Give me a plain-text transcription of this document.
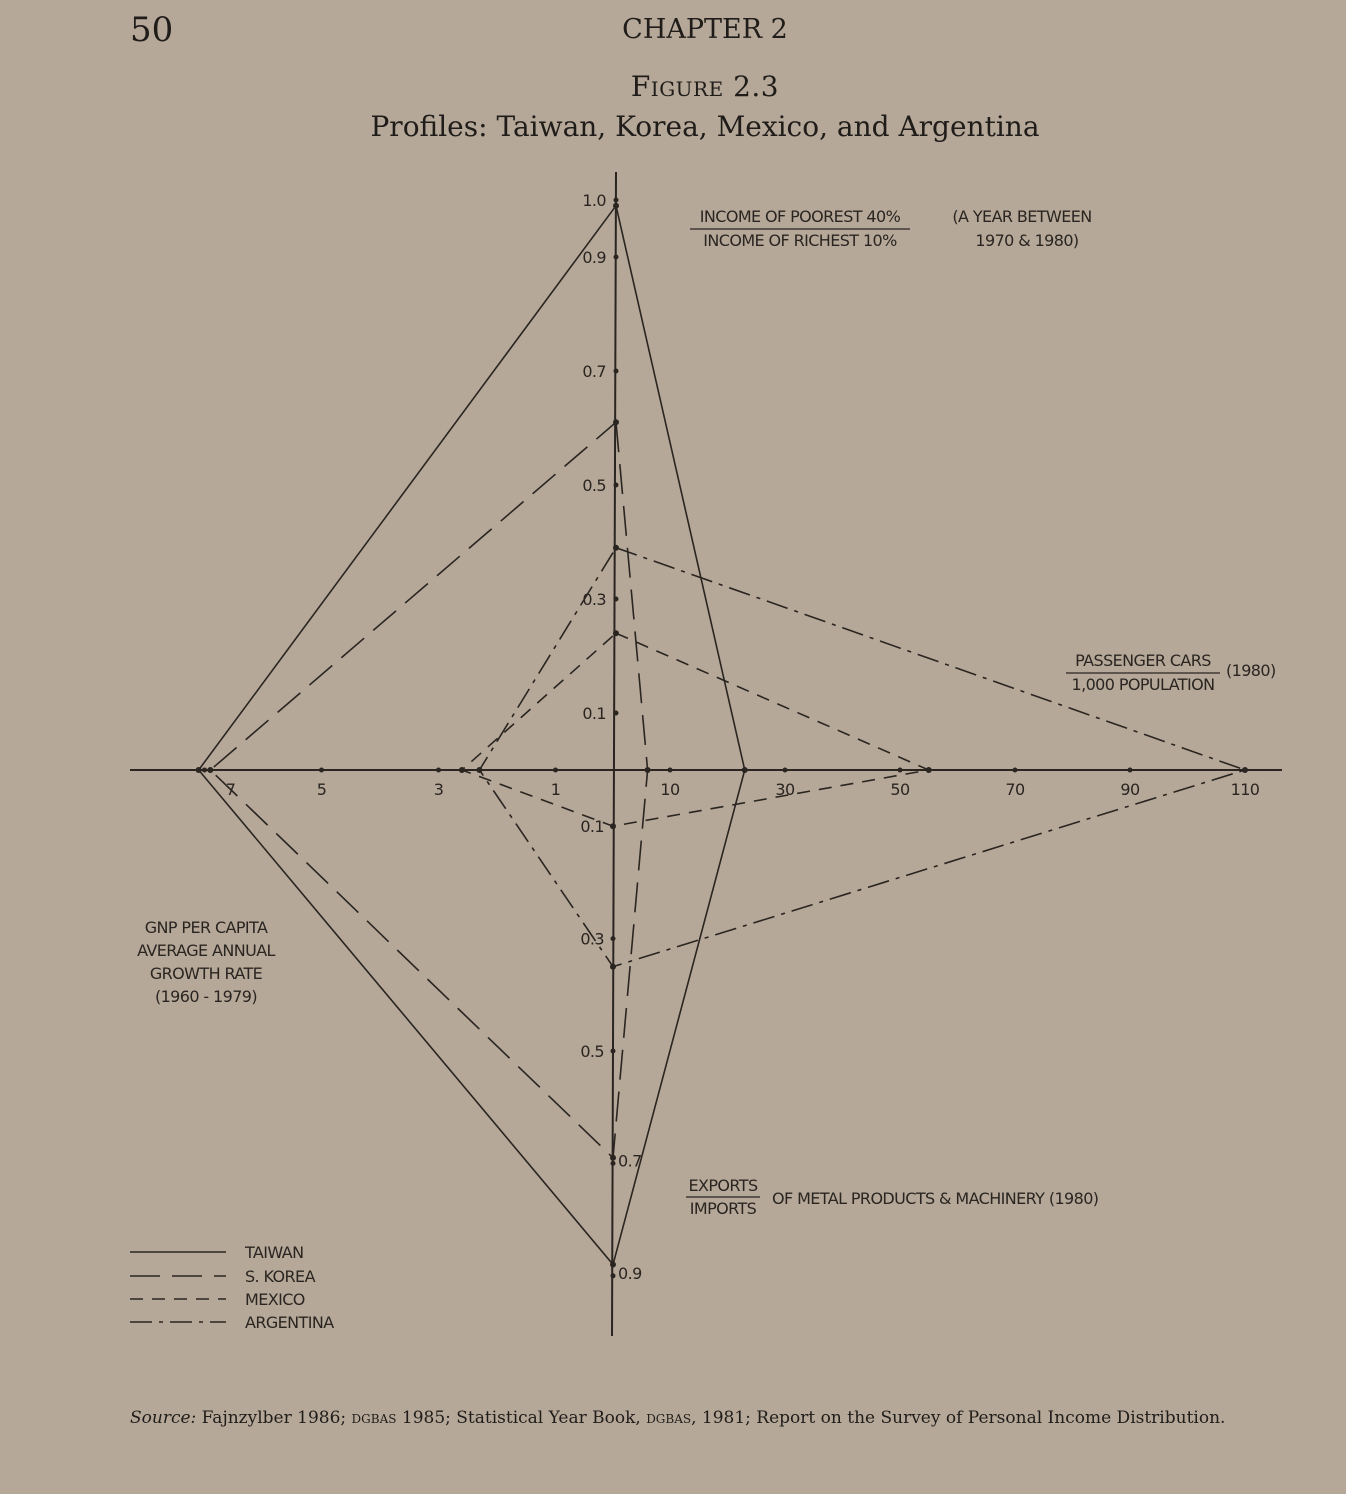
50	CHAPTER 2
Figure 2.3
Profiles: Taiwan, Korea, Mexico, and Argentina
0.1
0.3
0.5
0.7
0.9
1.0
10	30	50	70	90	110
0.1
0.3
0.5
0.7
0.9
1
3
5
7
INCOME OF POOREST 40%
INCOME OF RICHEST 10%
(A YEAR BETWEEN
1970 & 1980)
PASSENGER CARS
1,000 POPULATION
(1980)
EXPORTS
IMPORTS
OF METAL PRODUCTS & MACHINERY (1980)
GNP PER CAPITA
AVERAGE ANNUAL
GROWTH RATE
(1960 - 1979)
TAIWAN
S. KOREA
MEXICO
ARGENTINA
Source: Fajnzylber 1986; dgbas 1985; Statistical Year Book, dgbas, 1981; Report on the Survey of Personal Income Distribution.
